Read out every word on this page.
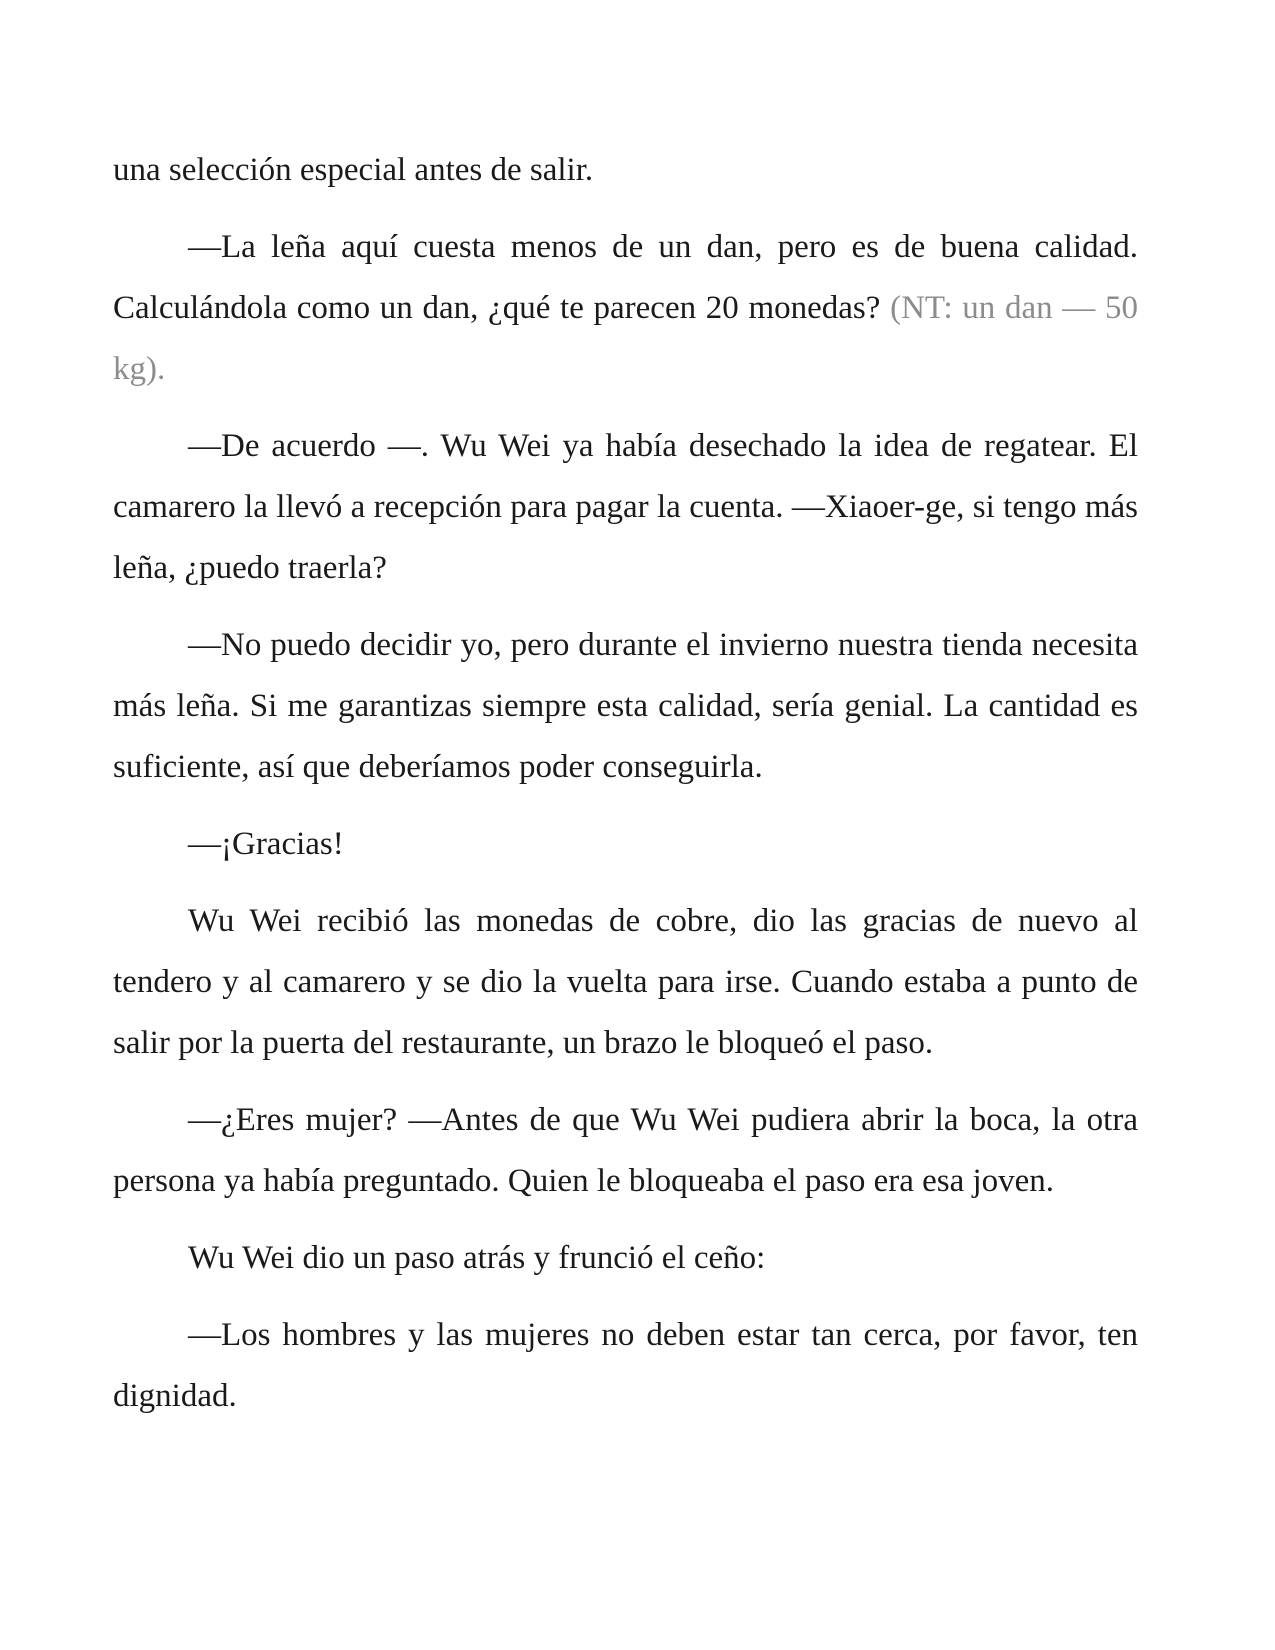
una selección especial antes de salir.

—La leña aquí cuesta menos de un dan, pero es de buena calidad. Calculándola como un dan, ¿qué te parecen 20 monedas? (NT: un dan — 50 kg).

—De acuerdo —. Wu Wei ya había desechado la idea de regatear. El camarero la llevó a recepción para pagar la cuenta. —Xiaoer-ge, si tengo más leña, ¿puedo traerla?

—No puedo decidir yo, pero durante el invierno nuestra tienda necesita más leña. Si me garantizas siempre esta calidad, sería genial. La cantidad es suficiente, así que deberíamos poder conseguirla.

—¡Gracias!

Wu Wei recibió las monedas de cobre, dio las gracias de nuevo al tendero y al camarero y se dio la vuelta para irse. Cuando estaba a punto de salir por la puerta del restaurante, un brazo le bloqueó el paso.

—¿Eres mujer? —Antes de que Wu Wei pudiera abrir la boca, la otra persona ya había preguntado. Quien le bloqueaba el paso era esa joven.

Wu Wei dio un paso atrás y frunció el ceño:

—Los hombres y las mujeres no deben estar tan cerca, por favor, ten dignidad.
